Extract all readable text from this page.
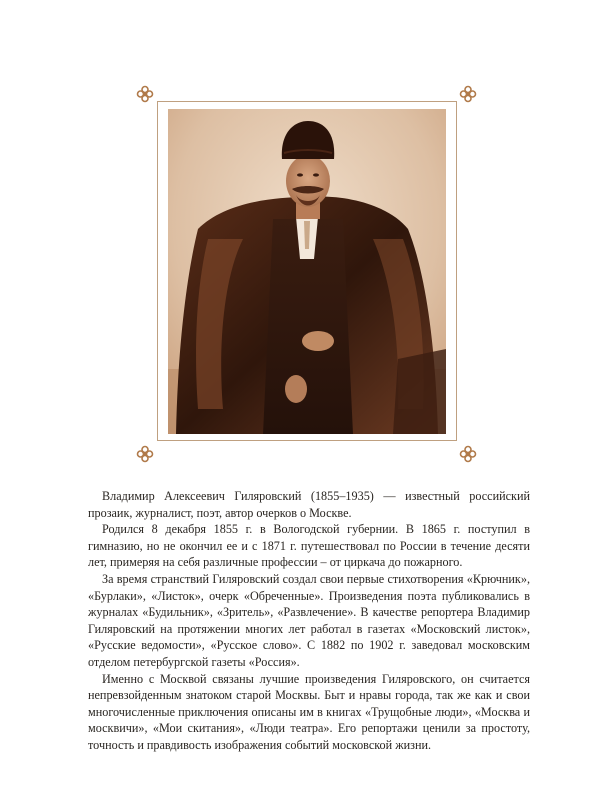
Владимир Алексеевич Гиляровский (1855–1935) — известный российский прозаик, журналист, поэт, автор очерков о Москве.

Родился 8 декабря 1855 г. в Вологодской губернии. В 1865 г. поступил в гимназию, но не окончил ее и с 1871 г. путешествовал по России в течение десяти лет, примеряя на себя различные профессии – от циркача до пожарного.

За время странствий Гиляровский создал свои первые стихотворения «Крючник», «Бурлаки», «Листок», очерк «Обреченные». Произведения поэта публиковались в журналах «Будильник», «Зритель», «Развлечение». В качестве репортера Владимир Гиляровский на протяжении многих лет работал в газетах «Московский листок», «Русские ведомости», «Русское слово». С 1882 по 1902 г. заведовал московским отделом петербургской газеты «Россия».

Именно с Москвой связаны лучшие произведения Гиляровского, он считается непревзойденным знатоком старой Москвы. Быт и нравы города, так же как и свои многочисленные приключения описаны им в книгах «Трущобные люди», «Москва и москвичи», «Мои скитания», «Люди театра». Его репортажи ценили за простоту, точность и правдивость изображения событий московской жизни.
